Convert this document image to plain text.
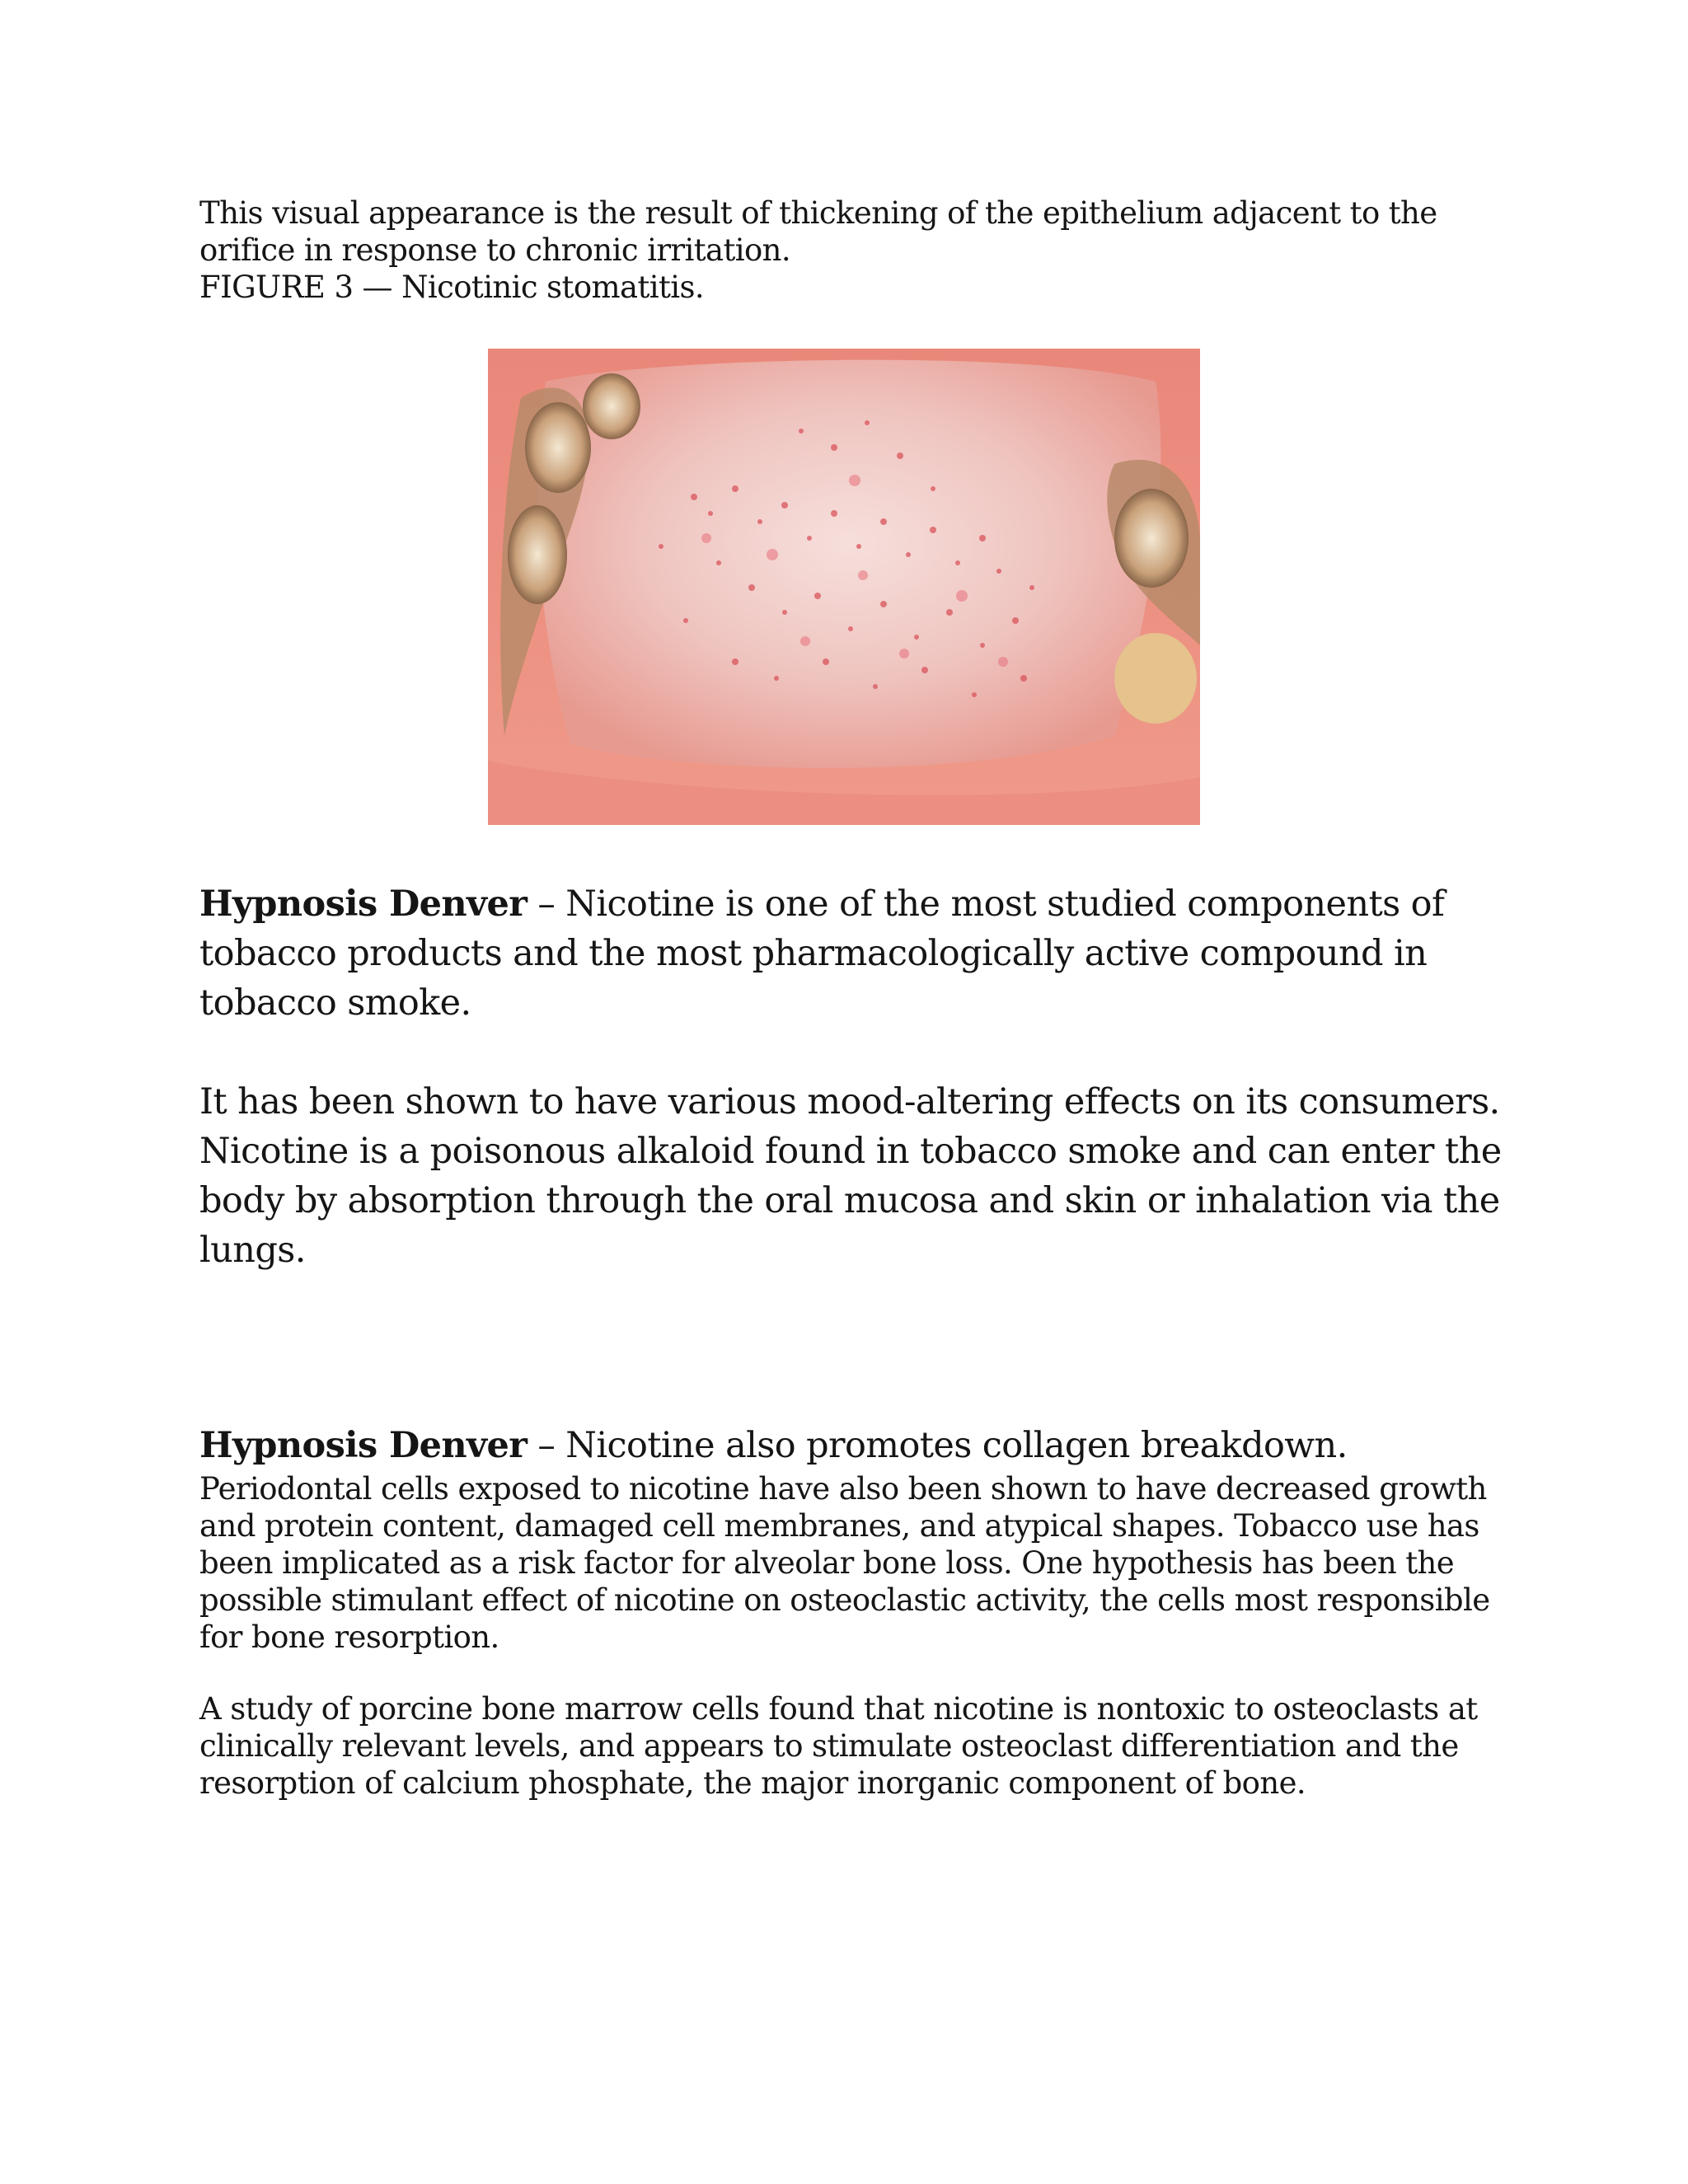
This visual appearance is the result of thickening of the epithelium adjacent to the orifice in response to chronic irritation.

FIGURE 3 — Nicotinic stomatitis.

Hypnosis Denver – Nicotine is one of the most studied components of tobacco products and the most pharmacologically active compound in tobacco smoke.

It has been shown to have various mood-altering effects on its consumers. Nicotine is a poisonous alkaloid found in tobacco smoke and can enter the body by absorption through the oral mucosa and skin or inhalation via the lungs.

Hypnosis Denver – Nicotine also promotes collagen breakdown.

Periodontal cells exposed to nicotine have also been shown to have decreased growth and protein content, damaged cell membranes, and atypical shapes. Tobacco use has been implicated as a risk factor for alveolar bone loss. One hypothesis has been the possible stimulant effect of nicotine on osteoclastic activity, the cells most responsible for bone resorption.

A study of porcine bone marrow cells found that nicotine is nontoxic to osteoclasts at clinically relevant levels, and appears to stimulate osteoclast differentiation and the resorption of calcium phosphate, the major inorganic component of bone.
